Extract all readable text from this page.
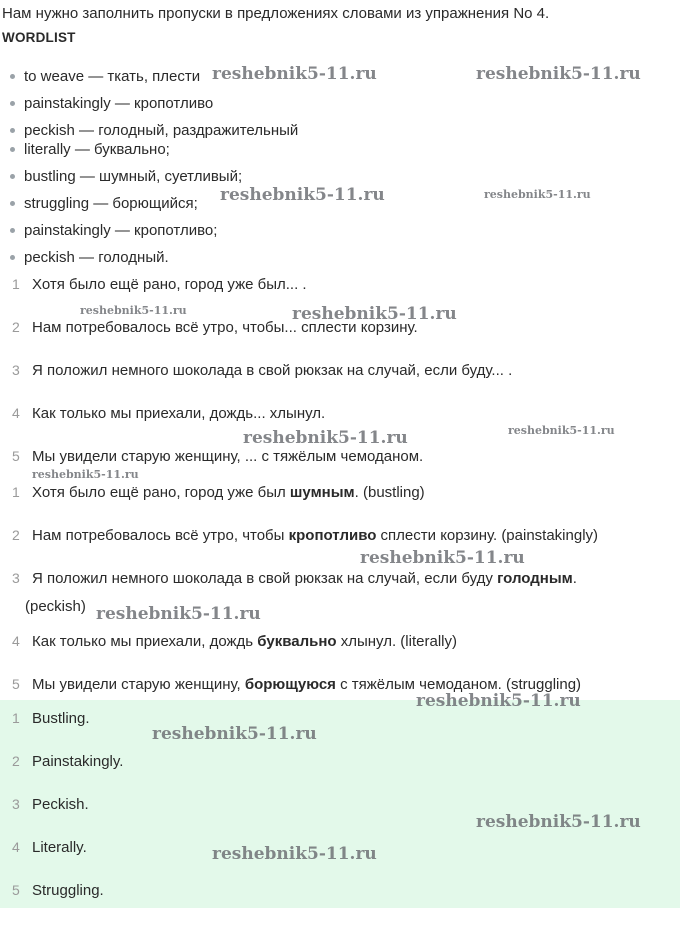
Нам нужно заполнить пропуски в предложениях словами из упражнения No 4.
WORDLIST
to weave — ткать, плести
painstakingly — кропотливо
peckish — голодный, раздражительный
literally — буквально;
bustling — шумный, суетливый;
struggling — борющийся;
painstakingly — кропотливо;
peckish — голодный.
1 Хотя было ещё рано, город уже был... .
2 Нам потребовалось всё утро, чтобы... сплести корзину.
3 Я положил немного шоколада в свой рюкзак на случай, если буду... .
4 Как только мы приехали, дождь... хлынул.
5 Мы увидели старую женщину, ... с тяжёлым чемоданом.
1 Хотя было ещё рано, город уже был шумным. (bustling)
2 Нам потребовалось всё утро, чтобы кропотливо сплести корзину. (painstakingly)
3 Я положил немного шоколада в свой рюкзак на случай, если буду голодным.
(peckish)
4 Как только мы приехали, дождь буквально хлынул. (literally)
5 Мы увидели старую женщину, борющуюся с тяжёлым чемоданом. (struggling)
1 Bustling.
2 Painstakingly.
3 Peckish.
4 Literally.
5 Struggling.
reshebnik5-11.ru	reshebnik5-11.ru
reshebnik5-11.ru	reshebnik5-11.ru
reshebnik5-11.ru	reshebnik5-11.ru
reshebnik5-11.ru	reshebnik5-11.ru
reshebnik5-11.ru
reshebnik5-11.ru
reshebnik5-11.ru
reshebnik5-11.ru
reshebnik5-11.ru
reshebnik5-11.ru
reshebnik5-11.ru
